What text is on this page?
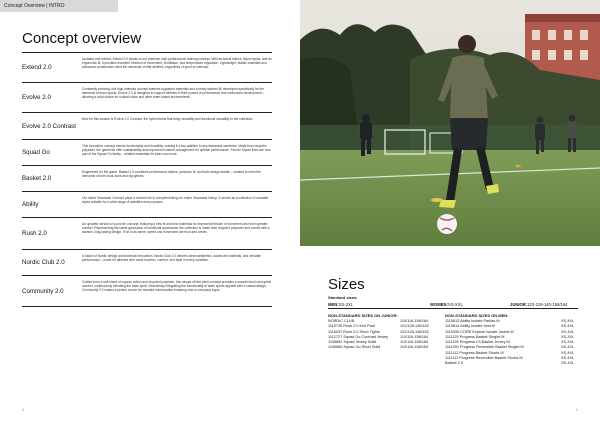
Concept Overview | INTRO
Concept overview
Extend 2.0
Updated and refined, Extend 2.0 builds on our premium high-performance training concept. With technical fabrics, liquid repels, and an ergonomic fit, it provides excellent freedom of movement, ventilation, and temperature regulation. Lightweight, elastic materials and advanced construction meet the demands of elite athletes, regardless of sport or intensity.
Evolve 2.0
Constantly evolving, this high-intensity concept features upgraded materials and a newly tailored fit, developed specifically for the demands of team sports. Evolve 2.0 is designed to support athletes in their pursuit of performance and continuous development – allowing a solid choice for football clubs and other team-based environments.
Evolve 2.0 Contrast
New for this season is Evolve 2.0 Contrast, the hybrid items that bring versatility and functional versatility to the collection.
Squad Go
This innovative concept blends functionality and durability, making it a key addition to any teamwear wardrobe. Made from recycled polyester, the garments offer sustainability and improved moisture management for optimal performance. Former Squad lines are now part of the Squad Go family – reliable essentials for year-round use.
Basket 2.0
Engineered for the game, Basket 2.0 combines performance fabrics, precision fit, and bold design details – created to meet the demands of both local clubs and big games.
Ability
Our latest Teamwear Concept plays a central role in complementing our entire Teamwear lineup. It serves as a collection of versatile styles suitable for a wide range of activities and purposes.
Rush 2.0
An updated version of a proven concept, featuring a new fit and new materials for improved freedom of movement and even greater comfort. Representing the latest generation of functional sportswear, the collection is made from recycled polyester and comes with a durable, long-lasting design. True to its name, speed and movement are front and center.
Nordic Club 2.0
A fusion of Nordic design and technical innovation. Nordic Club 2.0 delivers clean aesthetics, advanced materials, and versatile performance – made for athletes who value function, comfort, and style in every condition.
Community 2.0
Crafted from a soft blend of organic cotton and recycled polyester, this casual-off-the-pitch concept provides a smooth touch and great comfort, continuously elevating the team spirit. Seamlessly integrating the functionality of team sports apparel with a casual design, Community 2.0 makes a perfect choice for branded merchandise featuring club or company logos.
8
Sizes
Standard sizes:
MEN:XS-3XL	WOMEN:XS-XXL	JUNIOR:122-128-140-158/164
NON-STANDARD SIZES ON JUNIOR:
NORDIC CLUB	110/116-158/164
1115735 Rush 2.0 Knit Pant	122/128-146/152
1116257 Rush 2.0 Short Tights	122/128-146/152
1112727 Squad Go Contrast Jersey	110/116-158/164
1105882 Squad Jersey Solid	110/116-158/164
1105886 Squad Go Short Solid	110/116-158/164
NON-STANDARD SIZES ON MEN:
1115812 Ability Isolate Parkas M	XS-4XL
1113614 Ability Isolate Vest M	XS-4XL
1110390 CORE Explore Isolate Jacket M	XS-4XL
1111125 Progress Basket Singlet M	XS-3XL
1111126 Progress LS Basket Jersey M	XS-3XL
1111091 Progress Reversible Basket Singlet M	XS-4XL
1111112 Progress Basket Shorts M	XS-4XL
1111113 Progress Reversible Basket Shorts M	XS-4XL
Basket 2.0	XS-4XL
9
